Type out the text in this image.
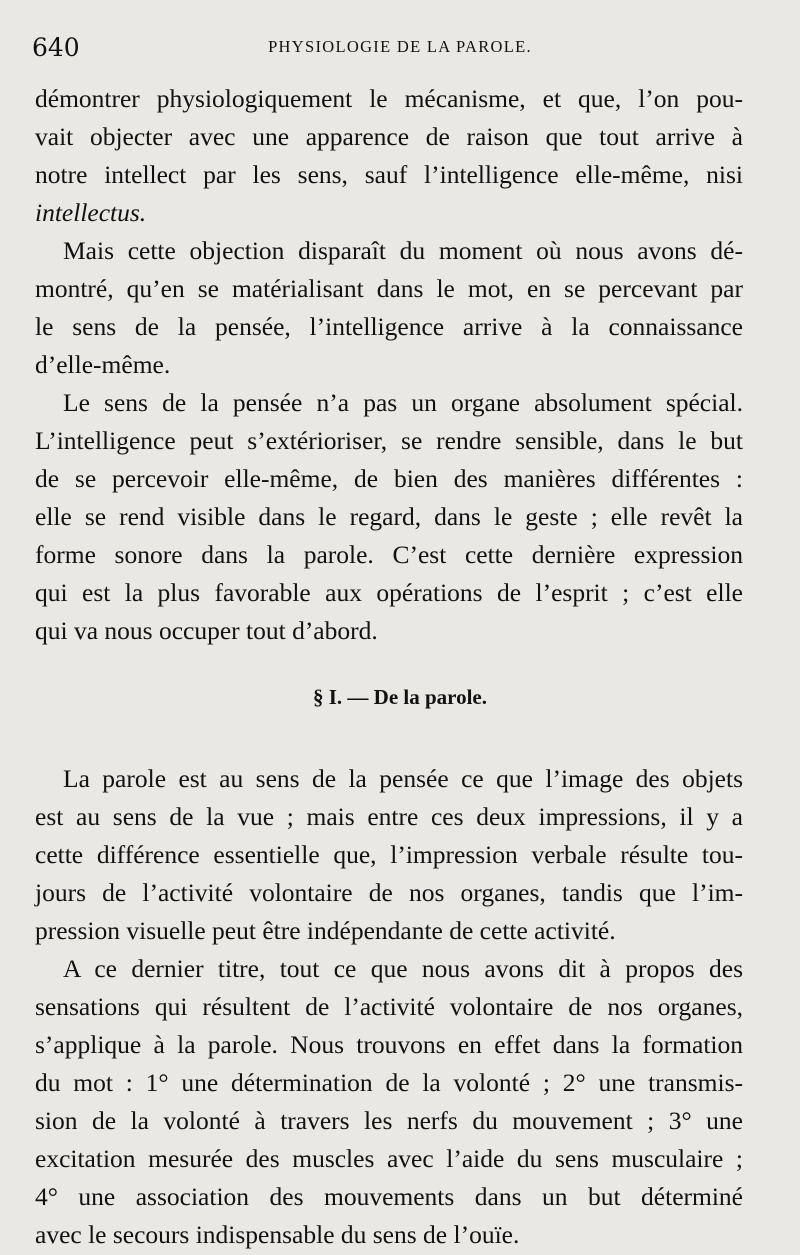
640	PHYSIOLOGIE DE LA PAROLE.
démontrer physiologiquement le mécanisme, et que, l’on pou-
vait objecter avec une apparence de raison que tout arrive à
notre intellect par les sens, sauf l’intelligence elle-même, nisi
intellectus.
Mais cette objection disparaît du moment où nous avons dé-
montré, qu’en se matérialisant dans le mot, en se percevant par
le sens de la pensée, l’intelligence arrive à la connaissance
d’elle-même.
Le sens de la pensée n’a pas un organe absolument spécial.
L’intelligence peut s’extérioriser, se rendre sensible, dans le but
de se percevoir elle-même, de bien des manières différentes :
elle se rend visible dans le regard, dans le geste ; elle revêt la
forme sonore dans la parole. C’est cette dernière expression
qui est la plus favorable aux opérations de l’esprit ; c’est elle
qui va nous occuper tout d’abord.
§ I. — De la parole.
La parole est au sens de la pensée ce que l’image des objets
est au sens de la vue ; mais entre ces deux impressions, il y a
cette différence essentielle que, l’impression verbale résulte tou-
jours de l’activité volontaire de nos organes, tandis que l’im-
pression visuelle peut être indépendante de cette activité.
A ce dernier titre, tout ce que nous avons dit à propos des
sensations qui résultent de l’activité volontaire de nos organes,
s’applique à la parole. Nous trouvons en effet dans la formation
du mot : 1° une détermination de la volonté ; 2° une transmis-
sion de la volonté à travers les nerfs du mouvement ; 3° une
excitation mesurée des muscles avec l’aide du sens musculaire ;
4° une association des mouvements dans un but déterminé
avec le secours indispensable du sens de l’ouïe.
